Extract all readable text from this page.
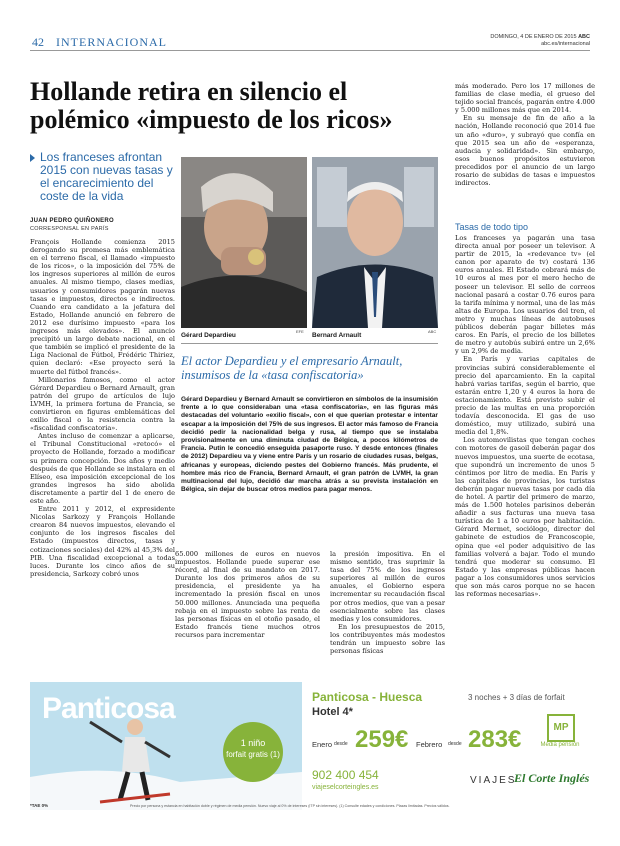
42 INTERNACIONAL	DOMINGO, 4 DE ENERO DE 2015 ABC
abc.es/internacional
Hollande retira en silencio el polémico «impuesto de los ricos»
Los franceses afrontan 2015 con nuevas tasas y el encarecimiento del coste de la vida
JUAN PEDRO QUIÑONERO
CORRESPONSAL EN PARÍS

François Hollande comienza 2015 derogando su promesa más emblemática en el terreno fiscal, el llamado «impuesto de los ricos», o la imposición del 75% de los ingresos superiores al millón de euros anuales. Al mismo tiempo, clases medias, usuarios y consumidores pagarán nuevas tasas e impuestos, directos e indirectos. Cuando era candidato a la jefatura del Estado, Hollande anunció en febrero de 2012 ese durísimo impuesto «para los ingresos más elevados». El anuncio precipitó un largo debate nacional, en el que también se implicó el presidente de la Liga Nacional de Fútbol, Frédéric Thiriez, quien declaró: «Ese proyecto será la muerte del fútbol francés».

Millonarios famosos, como el actor Gérard Depardieu o Bernard Arnault, gran patrón del grupo de artículos de lujo LVMH, la primera fortuna de Francia, se convirtieron en figuras emblemáticas del exilio fiscal o la resistencia contra la «fiscalidad confiscatoria».

Antes incluso de comenzar a aplicarse, el Tribunal Constitucional «retocó» el proyecto de Hollande, forzado a modificar su primera concepción. Dos años y medio después de que Hollande se instalara en el Elíseo, esa imposición excepcional de los grandes ingresos ha sido abolida discretamente a partir del 1 de enero de este año.

Entre 2011 y 2012, el expresidente Nicolas Sarkozy y François Hollande crearon 84 nuevos impuestos, elevando el conjunto de los ingresos fiscales del Estado (impuestos directos, tasas y cotizaciones sociales) del 42% al 45,3% del PIB. Una fiscalidad excepcional a todas luces. Durante los cinco años de su presidencia, Sarkozy cobró unos

Gérard Depardieu
EFE
Bernard Arnault
ABC
El actor Depardieu y el empresario Arnault, insumisos de la «tasa confiscatoria»
Gérard Depardieu y Bernard Arnault se convirtieron en símbolos de la insumisión frente a lo que consideraban una «tasa confiscatoria», en las figuras más destacadas del voluntario «exilio fiscal», con el que querían protestar e intentar escapar a la imposición del 75% de sus ingresos. El actor más famoso de Francia decidió pedir la nacionalidad belga y rusa, al tiempo que se instalaba provisionalmente en una diminuta ciudad de Bélgica, a pocos kilómetros de Francia. Putin le concedió enseguida pasaporte ruso. Y desde entonces (finales de 2012) Depardieu va y viene entre París y un rosario de ciudades rusas, belgas, africanas y europeas, diciendo pestes del Gobierno francés. Más prudente, el hombre más rico de Francia, Bernard Arnault, el gran patrón de LVMH, la gran multinacional del lujo, decidió dar marcha atrás a su prevista instalación en Bélgica, sin dejar de buscar otros medios para pagar menos.

más moderado. Pero los 17 millones de familias de clase media, el grueso del tejido social francés, pagarán entre 4.000 y 5.000 millones más que en 2014.

En su mensaje de fin de año a la nación, Hollande reconoció que 2014 fue un año «duro», y subrayó que confía en que 2015 sea un año de «esperanza, audacia y solidaridad». Sin embargo, esos buenos propósitos estuvieron precedidos por el anuncio de un largo rosario de subidas de tasas e impuestos indirectos.

Tasas de todo tipo

Los franceses ya pagarán una tasa directa anual por poseer un televisor. A partir de 2015, la «redevance tv» (el canon por aparato de tv) costará 136 euros anuales. El Estado cobrará más de 10 euros al mes por el mero hecho de poseer un televisor. El sello de correos nacional pasará a costar 0.76 euros para la tarifa mínima y normal, una de las más altas de Europa. Los usuarios del tren, el metro y muchas líneas de autobuses públicos deberán pagar billetes más caros. En París, el precio de los billetes de metro y autobús subirá entre un 2,6% y un 2,9% de media.

En París y varias capitales de provincias subirá considerablemente el precio del aparcamiento. En la capital habrá varias tarifas, según el barrio, que estarán entre 1,20 y 4 euros la hora de estacionamiento. Está previsto subir el precio de las multas en una proporción todavía desconocida. El gas de uso doméstico, muy utilizado, subirá una media del 1,8%.

Los automovilistas que tengan coches con motores de gasoil deberán pagar dos nuevos impuestos, una suerte de ecotasa, que supondrá un incremento de unos 5 céntimos por litro de media. En París y las capitales de provincias, los turistas deberán pagar nuevas tasas por cada día de hotel. A partir del primero de marzo, más de 1.500 hoteles parisinos deberán añadir a sus facturas una nueva tasa turística de 1 a 10 euros por habitación. Gérard Mermet, sociólogo, director del gabinete de estudios de Francoscopie, opina que «el poder adquisitivo de las familias volverá a bajar. Todo el mundo tendrá que moderar su consumo. El Estado y las empresas públicas hacen pagar a los consumidores unos servicios que son más caros porque no se hacen las reformas necesarias».

65.000 millones de euros en nuevos impuestos. Hollande puede superar ese récord, al final de su mandato en 2017. Durante los dos primeros años de su presidencia, el presidente ya ha incrementado la presión fiscal en unos 50.000 millones. Anunciada una pequeña rebaja en el impuesto sobre las renta de las personas físicas en el otoño pasado, el Estado francés tiene muchos otros recursos para incrementar

la presión impositiva. En el mismo sentido, tras suprimir la tasa del 75% de los ingresos superiores al millón de euros anuales, el Gobierno espera incrementar su recaudación fiscal por otros medios, que van a pesar esencialmente sobre las clases medias y los consumidores.

En los presupuestos de 2015, los contribuyentes más modestos tendrán un impuesto sobre las personas físicas

Panticosa
1 niño
forfait gratis (1)
Panticosa - Huesca
Hotel 4*
3 noches + 3 días de forfait
Enero desde 259€ Febrero desde 283€	MP
Media pensión
902 400 454
viajeselcorteingles.es
VIAJES
El Corte Inglés
*TAE 0%	Precio por persona y estancia en habitación doble y régimen de media pensión. Nuevo viaje al 0% de intereses (ITP sin intereses). (1) Consulte edades y condiciones. Plazas limitadas. Precios válidos.
